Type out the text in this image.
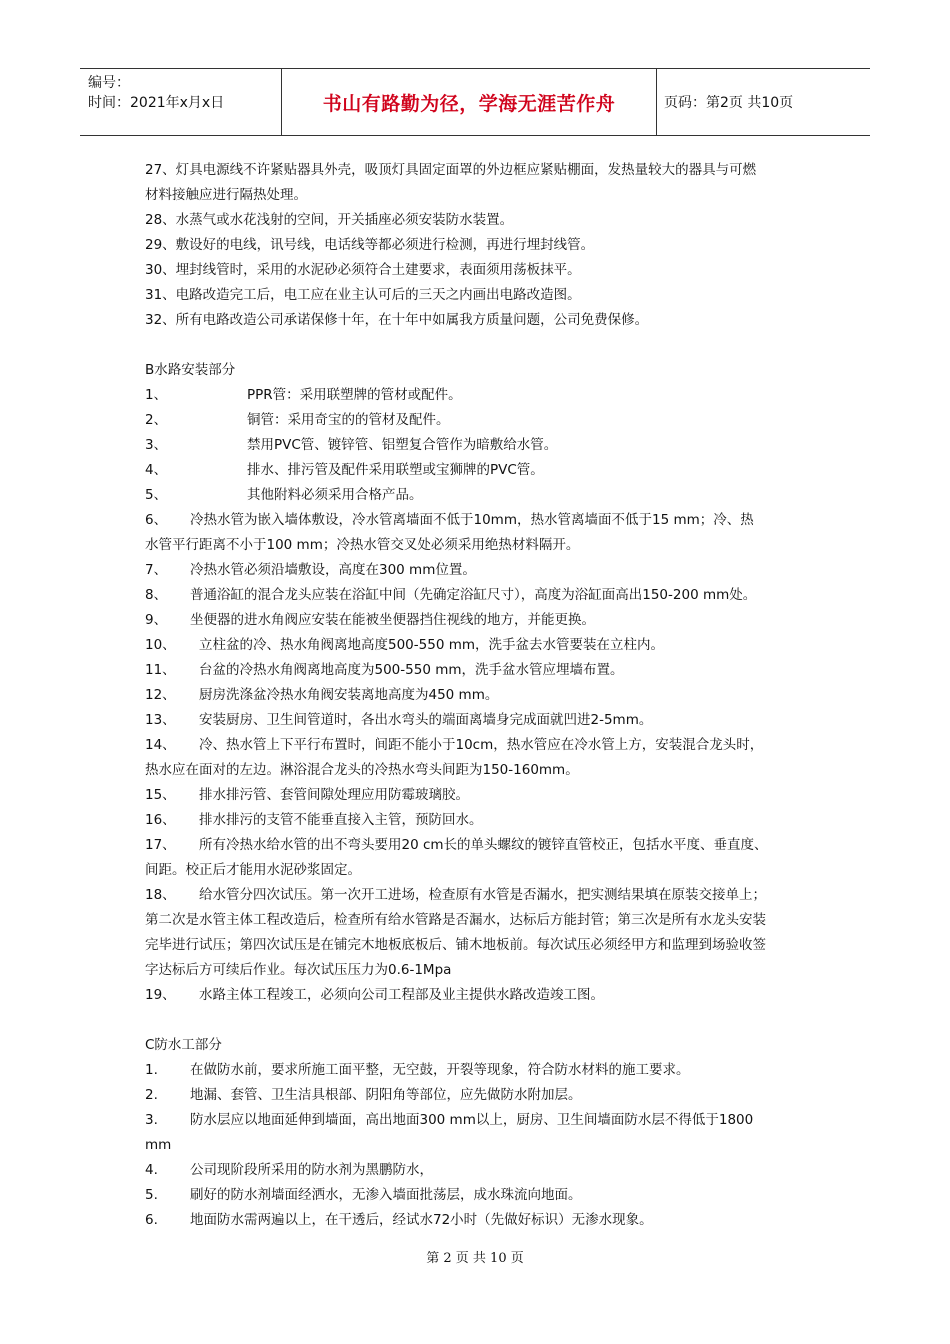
编号：
时间：2021年x月x日	书山有路勤为径，学海无涯苦作舟	页码：第2页 共10页
27、灯具电源线不许紧贴器具外壳，吸顶灯具固定面罩的外边框应紧贴棚面，发热量较大的器具与可燃
材料接触应进行隔热处理。
28、水蒸气或水花浅射的空间，开关插座必须安装防水装置。
29、敷设好的电线，讯号线，电话线等都必须进行检测，再进行埋封线管。
30、埋封线管时，采用的水泥砂必须符合土建要求，表面须用荡板抹平。
31、电路改造完工后，电工应在业主认可后的三天之内画出电路改造图。
32、所有电路改造公司承诺保修十年，在十年中如属我方质量问题，公司免费保修。
B水路安装部分
1、	PPR管：采用联塑牌的管材或配件。
2、	铜管：采用奇宝的的管材及配件。
3、	禁用PVC管、镀锌管、铝塑复合管作为暗敷给水管。
4、	排水、排污管及配件采用联塑或宝狮牌的PVC管。
5、	其他附料必须采用合格产品。
6、 冷热水管为嵌入墙体敷设，冷水管离墙面不低于10mm，热水管离墙面不低于15 mm；冷、热
水管平行距离不小于100 mm；冷热水管交叉处必须采用绝热材料隔开。
7、 冷热水管必须沿墙敷设，高度在300 mm位置。
8、 普通浴缸的混合龙头应装在浴缸中间（先确定浴缸尺寸），高度为浴缸面高出150-200 mm处。
9、 坐便器的进水角阀应安装在能被坐便器挡住视线的地方，并能更换。
10、 立柱盆的冷、热水角阀离地高度500-550 mm，洗手盆去水管要装在立柱内。
11、 台盆的冷热水角阀离地高度为500-550 mm，洗手盆水管应埋墙布置。
12、 厨房洗涤盆冷热水角阀安装离地高度为450 mm。
13、 安装厨房、卫生间管道时，各出水弯头的端面离墙身完成面就凹进2-5mm。
14、 冷、热水管上下平行布置时，间距不能小于10cm，热水管应在冷水管上方，安装混合龙头时，
热水应在面对的左边。淋浴混合龙头的冷热水弯头间距为150-160mm。
15、 排水排污管、套管间隙处理应用防霉玻璃胶。
16、 排水排污的支管不能垂直接入主管，预防回水。
17、 所有冷热水给水管的出不弯头要用20 cm长的单头螺纹的镀锌直管校正，包括水平度、垂直度、
间距。校正后才能用水泥砂浆固定。
18、 给水管分四次试压。第一次开工进场，检查原有水管是否漏水，把实测结果填在原装交接单上；
第二次是水管主体工程改造后，检查所有给水管路是否漏水，达标后方能封管；第三次是所有水龙头安装
完毕进行试压；第四次试压是在铺完木地板底板后、铺木地板前。每次试压必须经甲方和监理到场验收签
字达标后方可续后作业。每次试压压力为0.6-1Mpa
19、 水路主体工程竣工，必须向公司工程部及业主提供水路改造竣工图。
C防水工部分
1. 在做防水前，要求所施工面平整，无空鼓，开裂等现象，符合防水材料的施工要求。
2. 地漏、套管、卫生洁具根部、阴阳角等部位，应先做防水附加层。
3. 防水层应以地面延伸到墙面，高出地面300 mm以上，厨房、卫生间墙面防水层不得低于1800
mm
4. 公司现阶段所采用的防水剂为黑鹏防水，
5. 刷好的防水剂墙面经洒水，无渗入墙面批荡层，成水珠流向地面。
6. 地面防水需两遍以上，在干透后，经试水72小时（先做好标识）无渗水现象。
第 2 页 共 10 页
